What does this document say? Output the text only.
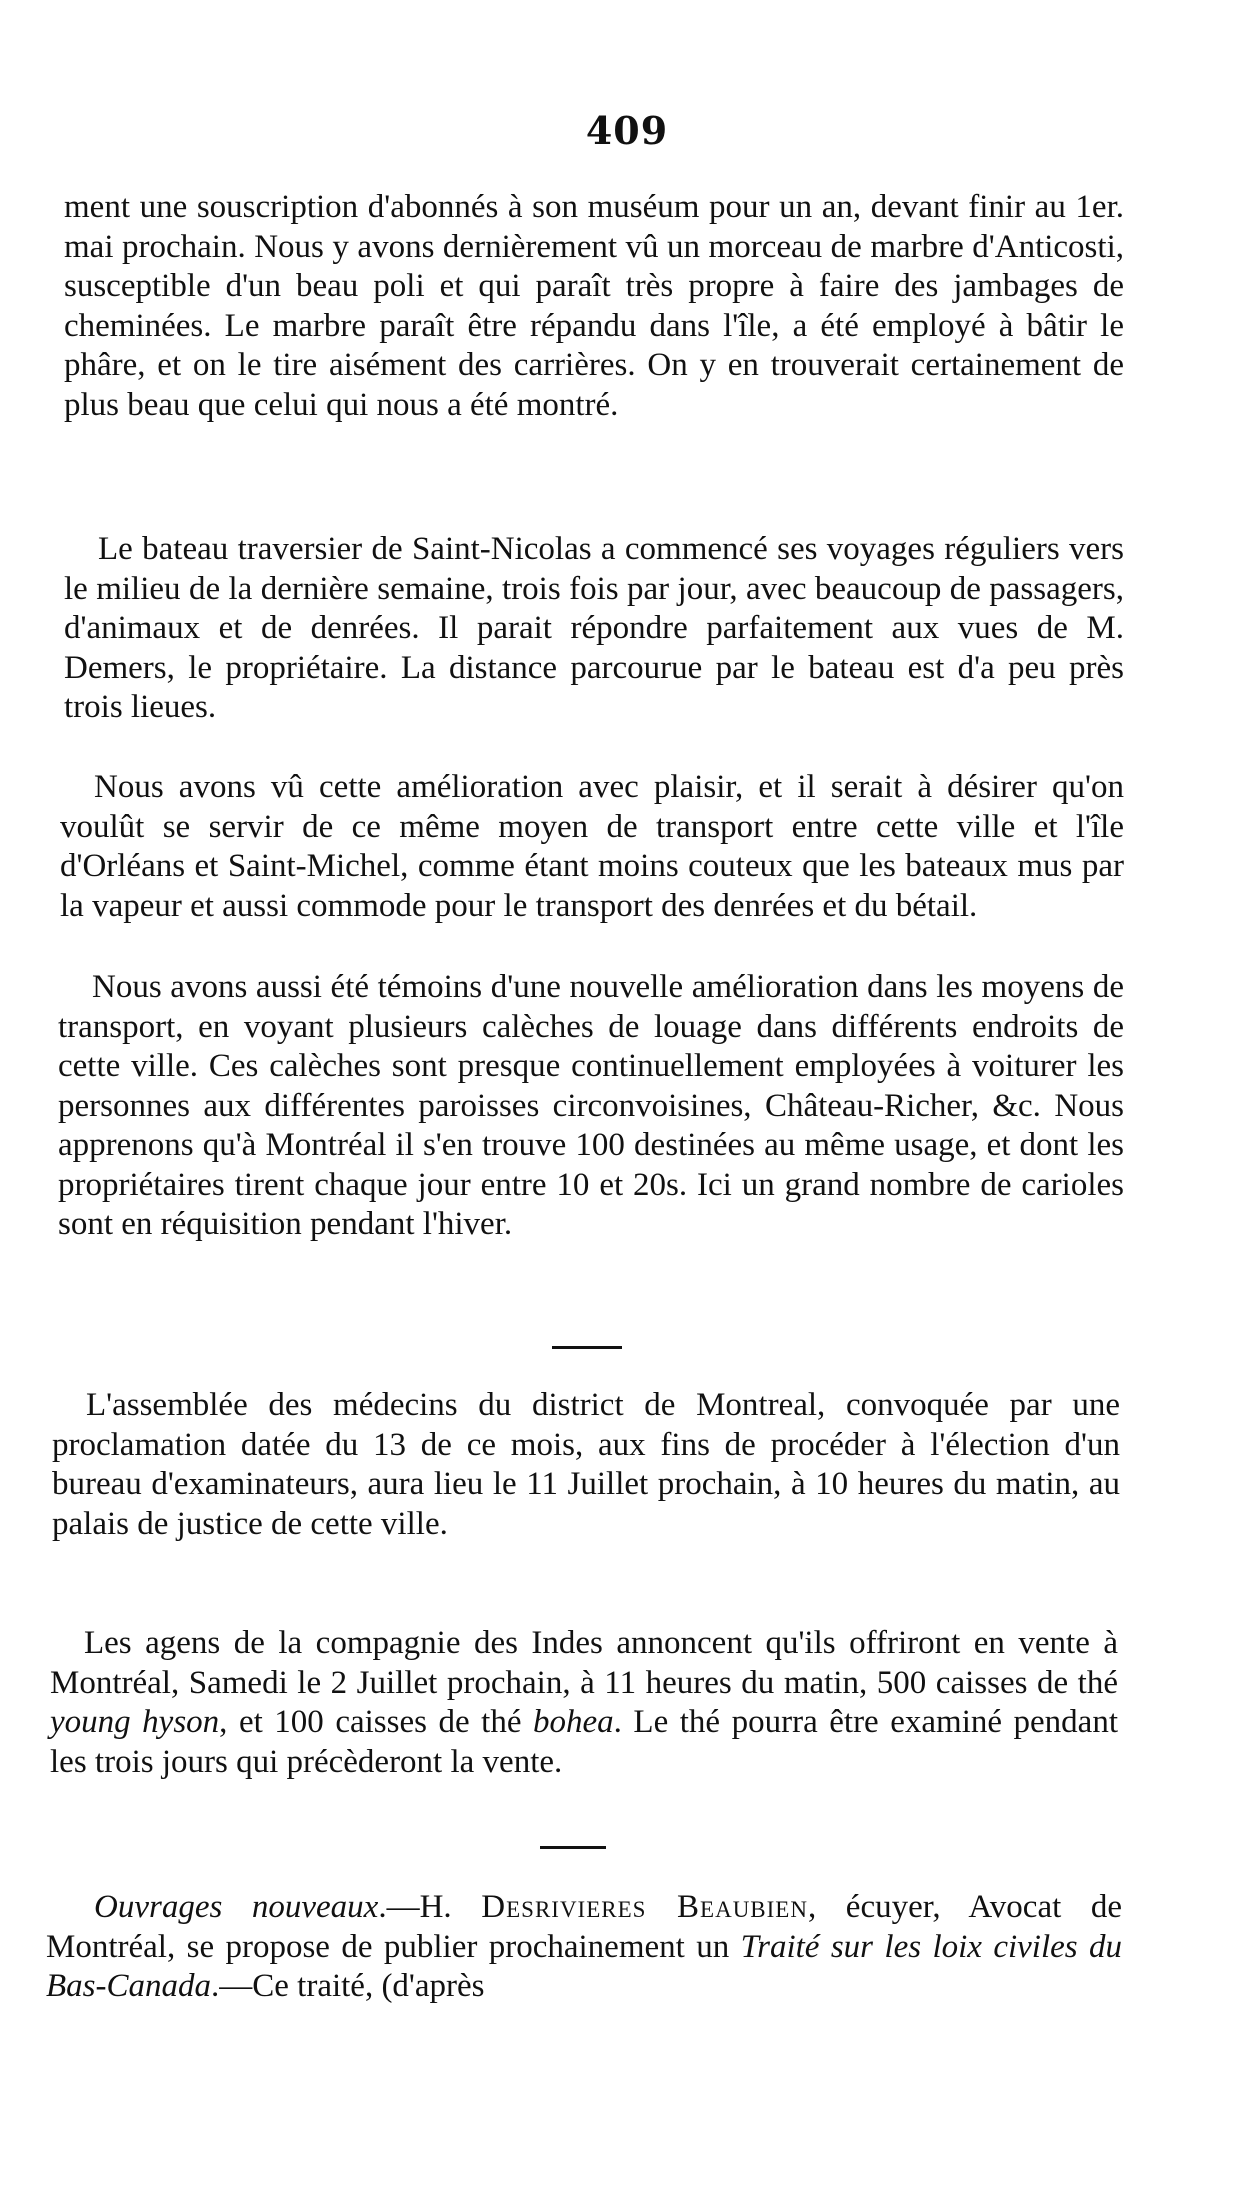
409

ment une souscription d'abonnés à son muséum pour un an, devant finir au 1er. mai prochain. Nous y avons dernièrement vû un morceau de marbre d'Anticosti, susceptible d'un beau poli et qui paraît très propre à faire des jambages de cheminées. Le marbre paraît être répandu dans l'île, a été employé à bâtir le phâre, et on le tire aisément des carrières. On y en trouverait certainement de plus beau que celui qui nous a été montré.

Le bateau traversier de Saint-Nicolas a commencé ses voyages réguliers vers le milieu de la dernière semaine, trois fois par jour, avec beaucoup de passagers, d'animaux et de denrées. Il parait répondre parfaitement aux vues de M. Demers, le propriétaire. La distance parcourue par le bateau est d'a peu près trois lieues.

Nous avons vû cette amélioration avec plaisir, et il serait à désirer qu'on voulût se servir de ce même moyen de transport entre cette ville et l'île d'Orléans et Saint-Michel, comme étant moins couteux que les bateaux mus par la vapeur et aussi commode pour le transport des denrées et du bétail.

Nous avons aussi été témoins d'une nouvelle amélioration dans les moyens de transport, en voyant plusieurs calèches de louage dans différents endroits de cette ville. Ces calèches sont presque continuellement employées à voiturer les personnes aux différentes paroisses circonvoisines, Château-Richer, &c. Nous apprenons qu'à Montréal il s'en trouve 100 destinées au même usage, et dont les propriétaires tirent chaque jour entre 10 et 20s. Ici un grand nombre de carioles sont en réquisition pendant l'hiver.

L'assemblée des médecins du district de Montreal, convoquée par une proclamation datée du 13 de ce mois, aux fins de procéder à l'élection d'un bureau d'examinateurs, aura lieu le 11 Juillet prochain, à 10 heures du matin, au palais de justice de cette ville.

Les agens de la compagnie des Indes annoncent qu'ils offriront en vente à Montréal, Samedi le 2 Juillet prochain, à 11 heures du matin, 500 caisses de thé young hyson, et 100 caisses de thé bohea. Le thé pourra être examiné pendant les trois jours qui précèderont la vente.

Ouvrages nouveaux.—H. Desrivieres Beaubien, écuyer, Avocat de Montréal, se propose de publier prochainement un Traité sur les loix civiles du Bas-Canada.—Ce traité, (d'après
